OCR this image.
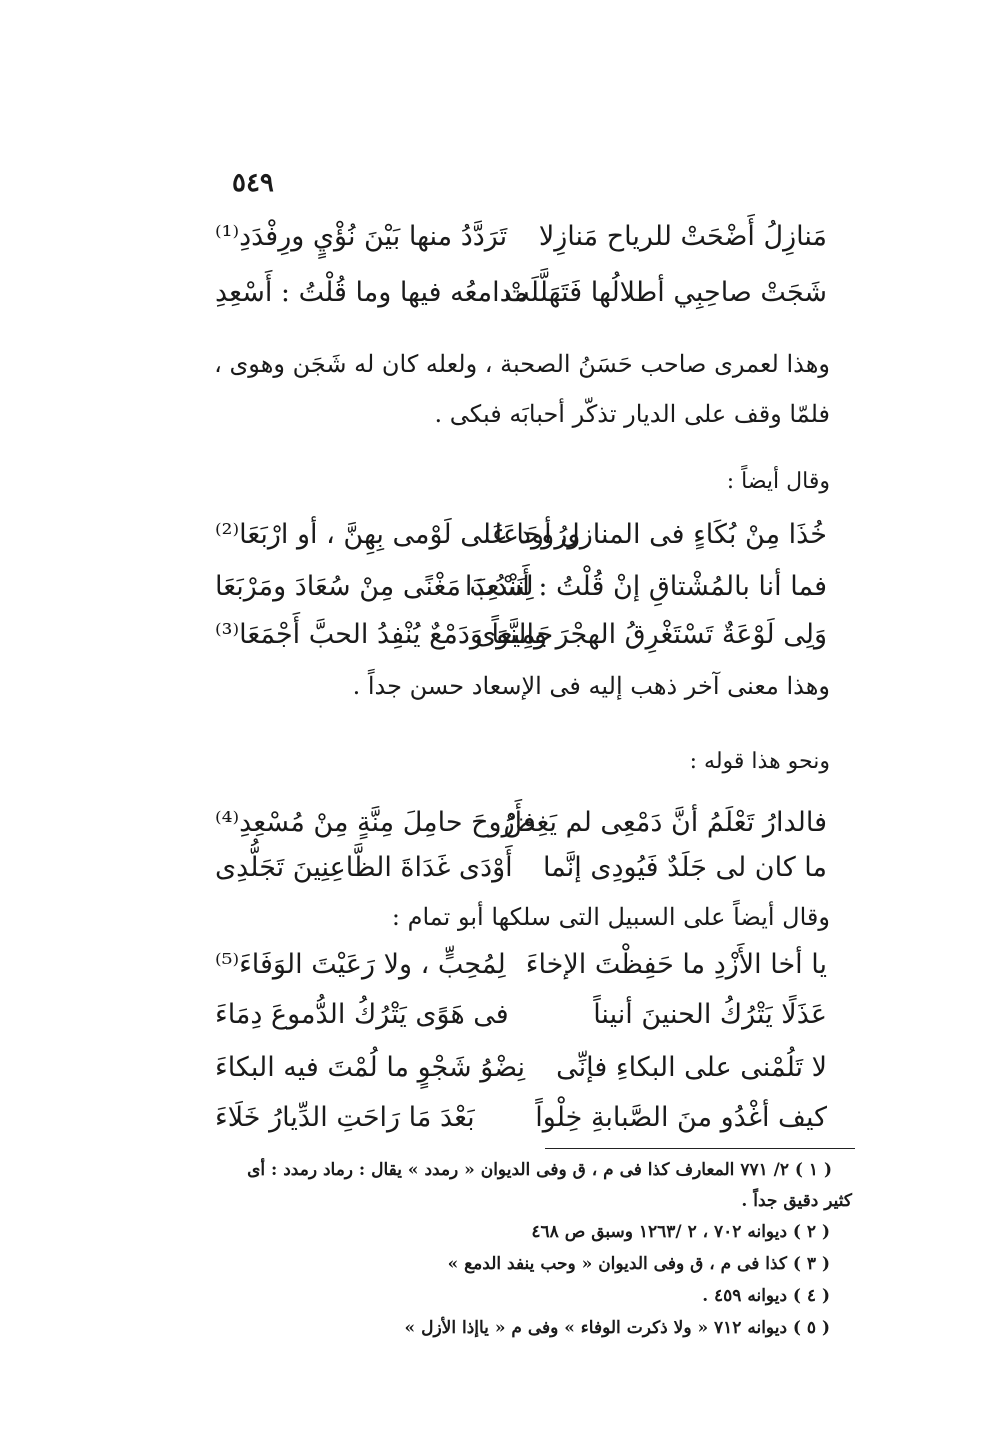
٥٤٩
مَنازِلُ أَضْحَتْ للرياح مَنازِلا
تَرَدَّدُ منها بَيْنَ نُؤْيٍ ورِفْدَدِ⁽¹⁾
شَجَتْ صاحِبِي أطلالُها فَتَهَلَّلَتْ
مدامعُه فيها وما قُلْتُ : أَسْعِدِ
وهذا لعمرى صاحب حَسَنُ الصحبة ، ولعله كان له شَجَن وهوى ،
فلمّا وقف على الديار تذكّر أحبابَه فبكى .
وقال أيضاً :
خُذَا مِنْ بُكَاءٍ فى المنازل أودعَا
ورُوحَا عَلى لَوْمى بِهِنَّ ، أو ارْبَعَا⁽²⁾
فما أنا بالمُشْتاقِ إنْ قُلْتُ : أَسْعِدَا
لِنَنْدُبَ مَغْنًى مِنْ سُعَادَ ومَرْبَعَا
وَلِى لَوْعَةٌ تَسْتَغْرِقُ الهجْرَ والنَّوَى
جَمِيعاً وَدَمْعٌ يُنْفِدُ الحبَّ أَجْمَعَا⁽³⁾
وهذا معنى آخر ذهب إليه فى الإسعاد حسن جداً .
ونحو هذا قوله :
فالدارُ تَعْلَمُ أنَّ دَمْعِى لم يَغِضْ
فأَرُوحَ حامِلَ مِنَّةٍ مِنْ مُسْعِدِ⁽⁴⁾
ما كان لى جَلَدٌ فَيُودِى إنَّما
أَوْدَى غَدَاةَ الظَّاعِنِينَ تَجَلُّدِى
وقال أيضاً على السبيل التى سلكها أبو تمام :
يا أخا الأَزْدِ ما حَفِظْتَ الإخاءَ
لِمُحِبٍّ ، ولا رَعَيْتَ الوَفَاءَ⁽⁵⁾
عَذَلًا يَتْرُكُ الحنينَ أنيناً
فى هَوًى يَتْرُكُ الدُّموعَ دِمَاءَ
لا تَلُمْنى على البكاءِ فإنِّى
نِضْوُ شَجْوٍ ما لُمْتَ فيه البكاءَ
كيف أغْدُو منَ الصَّبابةِ خِلْواً
بَعْدَ مَا رَاحَتِ الدِّيارُ خَلَاءَ
( ١ ) ٢/ ٧٧١ المعارف كذا فى م ، ق وفى الديوان « رمدد » يقال : رماد رمدد : أى
كثير دقيق جداً .
( ٢ ) ديوانه ٧٠٢ ، ٢ /١٢٦٣ وسبق ص ٤٦٨
( ٣ ) كذا فى م ، ق وفى الديوان « وحب ينفد الدمع »
( ٤ ) ديوانه ٤٥٩ .
( ٥ ) ديوانه ٧١٢ « ولا ذكرت الوفاء » وفى م « ياإذا الأزل »
